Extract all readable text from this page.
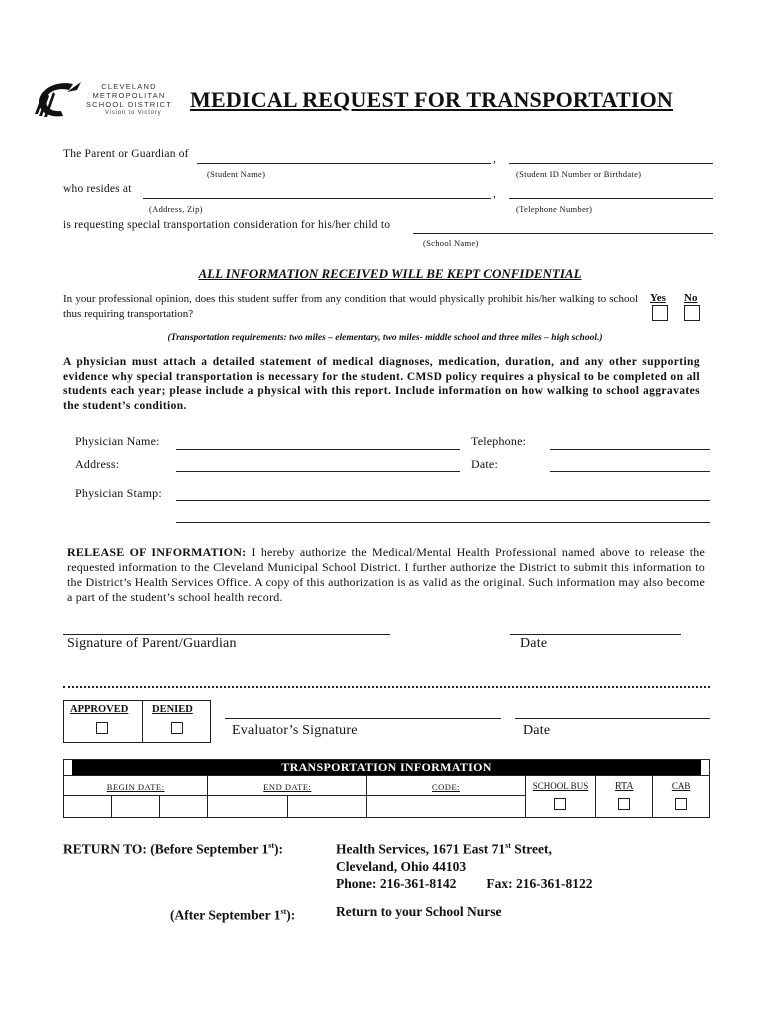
CLEVELAND
METROPOLITAN
SCHOOL DISTRICT
Vision to Victory
MEDICAL REQUEST FOR TRANSPORTATION
The Parent or Guardian of	,
(Student Name)	(Student ID Number or Birthdate)
who resides at	,
(Address, Zip)	(Telephone Number)
is requesting special transportation consideration for his/her child to
(School Name)
ALL INFORMATION RECEIVED WILL BE KEPT CONFIDENTIAL
In your professional opinion, does this student suffer from any condition that would physically prohibit his/her walking to school thus requiring transportation?
Yes No
(Transportation requirements: two miles – elementary, two miles- middle school and three miles – high school.)
A physician must attach a detailed statement of medical diagnoses, medication, duration, and any other supporting evidence why special transportation is necessary for the student. CMSD policy requires a physical to be completed on all students each year; please include a physical with this report. Include information on how walking to school aggravates the student’s condition.
Physician Name:	Telephone:
Address:	Date:
Physician Stamp:
RELEASE OF INFORMATION: I hereby authorize the Medical/Mental Health Professional named above to release the requested information to the Cleveland Municipal School District. I further authorize the District to submit this information to the District’s Health Services Office. A copy of this authorization is as valid as the original. Such information may also become a part of the student’s school health record.
Signature of Parent/Guardian	Date
APPROVED DENIED
Evaluator’s Signature	Date
TRANSPORTATION INFORMATION								

BEGIN DATE:			END DATE:		CODE:	SCHOOL BUS	RTA	CAB

RETURN TO: (Before September 1st):	Health Services, 1671 East 71st Street,
Cleveland, Ohio 44103
Phone: 216-361-8142 Fax: 216-361-8122
(After September 1st):	Return to your School Nurse
